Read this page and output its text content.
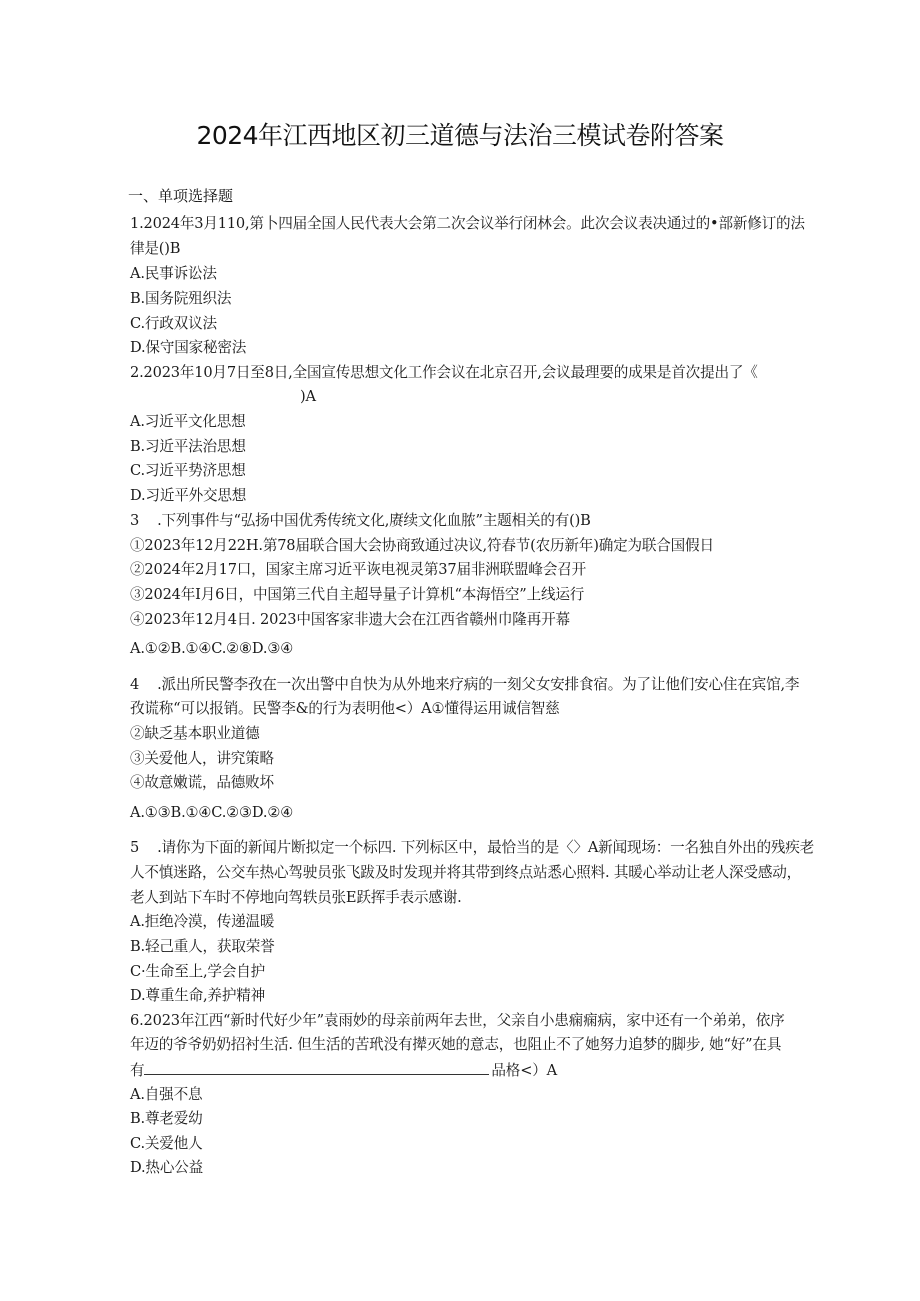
2024年江西地区初三道德与法治三模试卷附答案
一、单项选择题
1.2024年3月110,第卜四届全国人民代表大会第二次会议举行闭林会。此次会议表决通过的•部新修订的法
律是()B
A.民事诉讼法
B.国务院殂织法
C.行政双议法
D.保守国家秘密法
2.2023年10月7日至8日,全国宣传思想文化工作会议在北京召开,会议最理要的成果是首次提出了《
)A
A.习近平文化思想
B.习近平法治思想
C.习近平势济思想
D.习近平外交思想
3 .下列事件与“弘扬中国优秀传统文化,赓续文化血脓”主题相关的有()B
①2023年12月22H.第78届联合国大会协商致通过决议,符春节(农历新年)确定为联合国假日
②2024年2月17口，国家主席习近平诙电视灵第37届非洲联盟峰会召开
③2024年I月6日，中国第三代自主超导量子计算机“本海悟空”上线运行
④2023年12月4日. 2023中国客家非遗大会在江西省赣州巾隆再开幕
A.①②B.①④C.②⑧D.③④
4 .派出所民警李孜在一次出警中自快为从外地来疗病的一刻父女安排食宿。为了让他们安心住在宾馆,李
孜谎称“可以报销。民警李&的行为表明他<）A①懂得运用诚信智慈
②缺乏基本职业道德
③关爱他人，讲究策略
④故意嫩谎，品德败坏
A.①③B.①④C.②③D.②④
5 .请你为下面的新闻片断拟定一个标四. 下列标区中，最恰当的是〈〉A新闻现场：一名独自外出的残疾老
人不慎迷路，公交车热心驾驶员张飞跋及时发现并将其带到终点站悉心照料. 其暖心举动让老人深受感动，
老人到站下车时不停地向驾轶员张E跃挥手表示感谢.
A.拒绝冷漠，传递温暖
B.轻己重人，获取荣誉
C·生命至上,学会自护
D.尊重生命,养护精神
6.2023年江西“新时代好少年”袁雨妙的母亲前两年去世，父亲自小患痫痫病，家中还有一个弟弟，依序
年迈的爷爷奶奶招衬生活. 但生活的苦玳没有撵灭她的意志，也阻止不了她努力追梦的脚步, 她“好”在具
有	品格<）A
A.自强不息
B.尊老爱幼
C.关爱他人
D.热心公益
